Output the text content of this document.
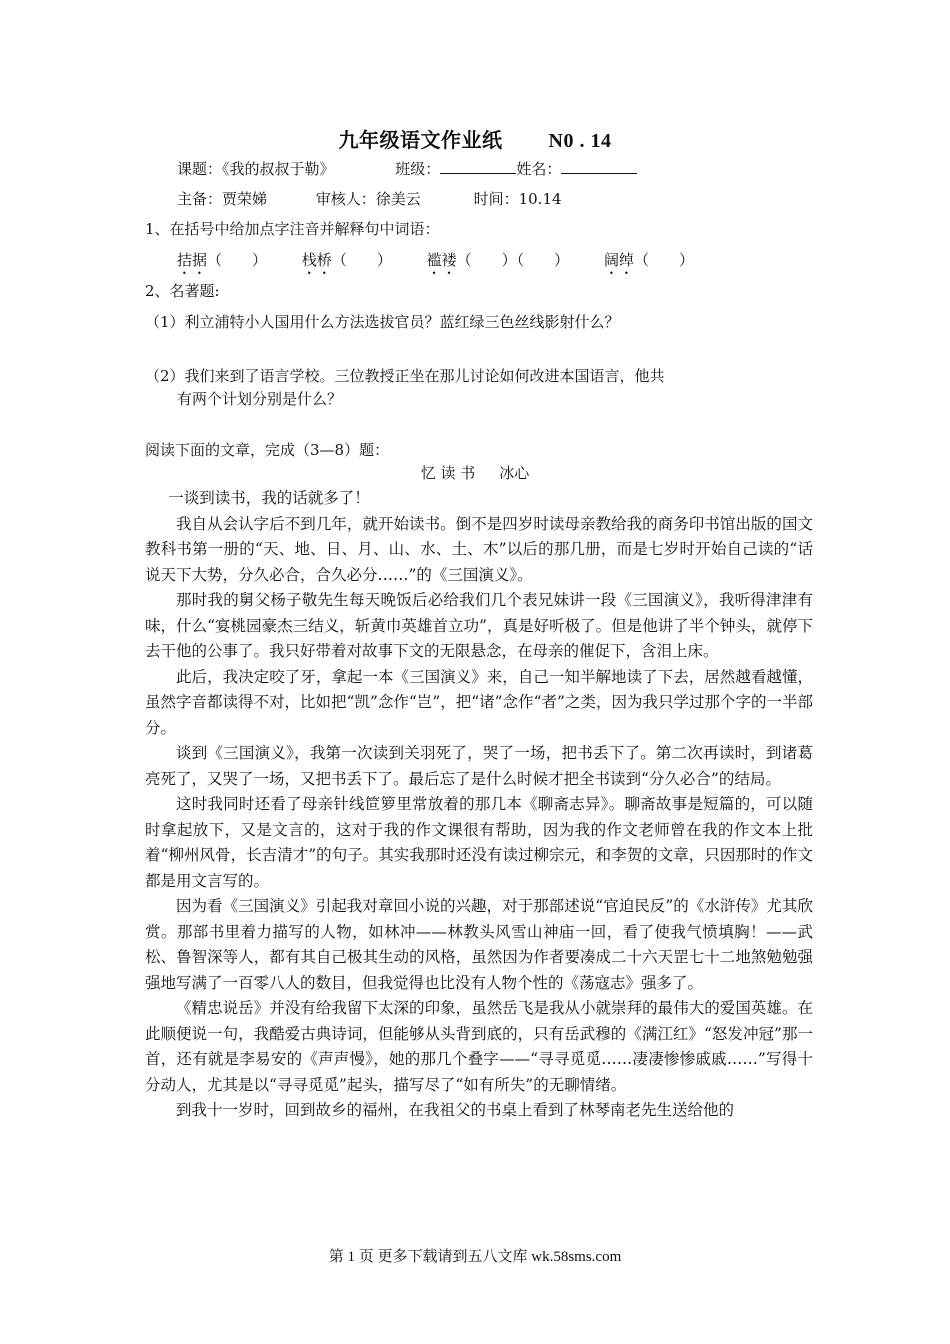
九年级语文作业纸 N0 . 14
课题：《我的叔叔于勒》	班级：	姓名：
主备：贾荣娣	审核人：徐美云	时间：10.14
1、在括号中给加点字注音并解释句中词语：
拮据（　　） 栈桥（　　） 褴褛（　　）（　　） 阔绰（　　）
2、名著题:
（1）利立浦特小人国用什么方法选拔官员？蓝红绿三色丝线影射什么？
（2）我们来到了语言学校。三位教授正坐在那儿讨论如何改进本国语言，他共
有两个计划分别是什么？
阅读下面的文章，完成（3—8）题：
忆 读 书 冰心

一谈到读书，我的话就多了！

我自从会认字后不到几年，就开始读书。倒不是四岁时读母亲教给我的商务印书馆出版的国文教科书第一册的“天、地、日、月、山、水、土、木”以后的那几册，而是七岁时开始自己读的“话说天下大势，分久必合，合久必分……”的《三国演义》。

那时我的舅父杨子敬先生每天晚饭后必给我们几个表兄妹讲一段《三国演义》，我听得津津有味，什么“宴桃园豪杰三结义，斩黄巾英雄首立功”，真是好听极了。但是他讲了半个钟头，就停下去干他的公事了。我只好带着对故事下文的无限悬念，在母亲的催促下，含泪上床。

此后，我决定咬了牙，拿起一本《三国演义》来，自己一知半解地读了下去，居然越看越懂，虽然字音都读得不对，比如把“凯”念作“岂”，把“诸”念作“者”之类，因为我只学过那个字的一半部分。

谈到《三国演义》，我第一次读到关羽死了，哭了一场，把书丢下了。第二次再读时，到诸葛亮死了，又哭了一场，又把书丢下了。最后忘了是什么时候才把全书读到“分久必合”的结局。

这时我同时还看了母亲针线笸箩里常放着的那几本《聊斋志异》。聊斋故事是短篇的，可以随时拿起放下，又是文言的，这对于我的作文课很有帮助，因为我的作文老师曾在我的作文本上批着“柳州风骨，长吉清才”的句子。其实我那时还没有读过柳宗元，和李贺的文章，只因那时的作文都是用文言写的。

因为看《三国演义》引起我对章回小说的兴趣，对于那部述说“官迫民反”的《水浒传》尤其欣赏。那部书里着力描写的人物，如林冲——林教头风雪山神庙一回，看了使我气愤填胸！——武松、鲁智深等人，都有其自己极其生动的风格，虽然因为作者要凑成二十六天罡七十二地煞勉勉强强地写满了一百零八人的数目，但我觉得也比没有人物个性的《荡寇志》强多了。

《精忠说岳》并没有给我留下太深的印象，虽然岳飞是我从小就崇拜的最伟大的爱国英雄。在此顺便说一句，我酷爱古典诗词，但能够从头背到底的，只有岳武穆的《满江红》“怒发冲冠”那一首，还有就是李易安的《声声慢》，她的那几个叠字——“寻寻觅觅……凄凄惨惨戚戚……”写得十分动人，尤其是以“寻寻觅觅”起头，描写尽了“如有所失”的无聊情绪。

到我十一岁时，回到故乡的福州，在我祖父的书桌上看到了林琴南老先生送给他的

第 1 页 更多下载请到五八文库 wk.58sms.com
